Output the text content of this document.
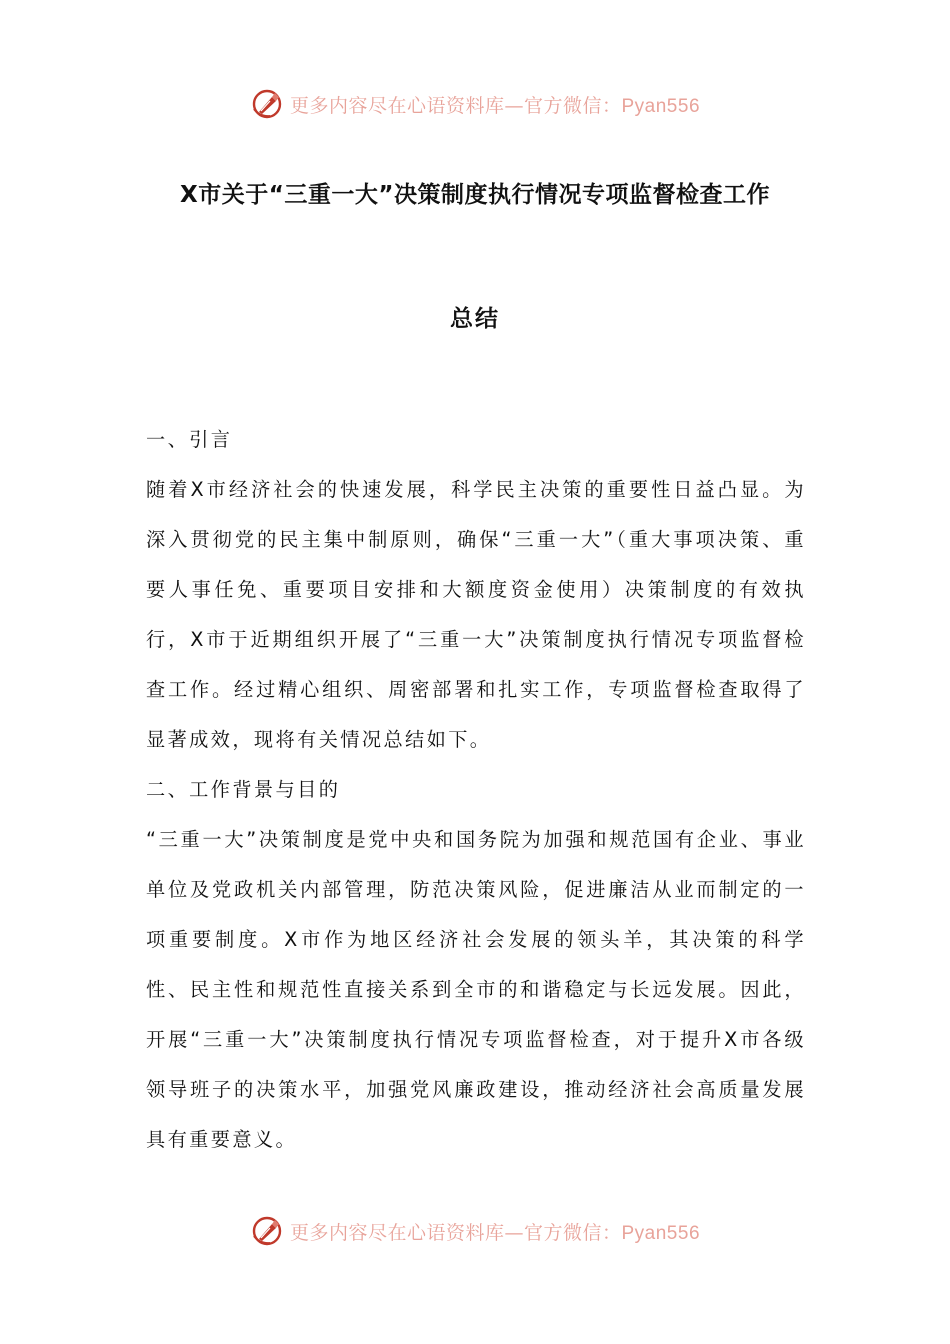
更多内容尽在心语资料库—官方微信：Pyan556
X市关于“三重一大”决策制度执行情况专项监督检查工作
总结

一、引言

随着X市经济社会的快速发展，科学民主决策的重要性日益凸显。为深入贯彻党的民主集中制原则，确保“三重一大”（重大事项决策、重要人事任免、重要项目安排和大额度资金使用）决策制度的有效执行，X市于近期组织开展了“三重一大”决策制度执行情况专项监督检查工作。经过精心组织、周密部署和扎实工作，专项监督检查取得了显著成效，现将有关情况总结如下。

二、工作背景与目的

“三重一大”决策制度是党中央和国务院为加强和规范国有企业、事业单位及党政机关内部管理，防范决策风险，促进廉洁从业而制定的一项重要制度。X市作为地区经济社会发展的领头羊，其决策的科学性、民主性和规范性直接关系到全市的和谐稳定与长远发展。因此，开展“三重一大”决策制度执行情况专项监督检查，对于提升X市各级领导班子的决策水平，加强党风廉政建设，推动经济社会高质量发展具有重要意义。

更多内容尽在心语资料库—官方微信：Pyan556
